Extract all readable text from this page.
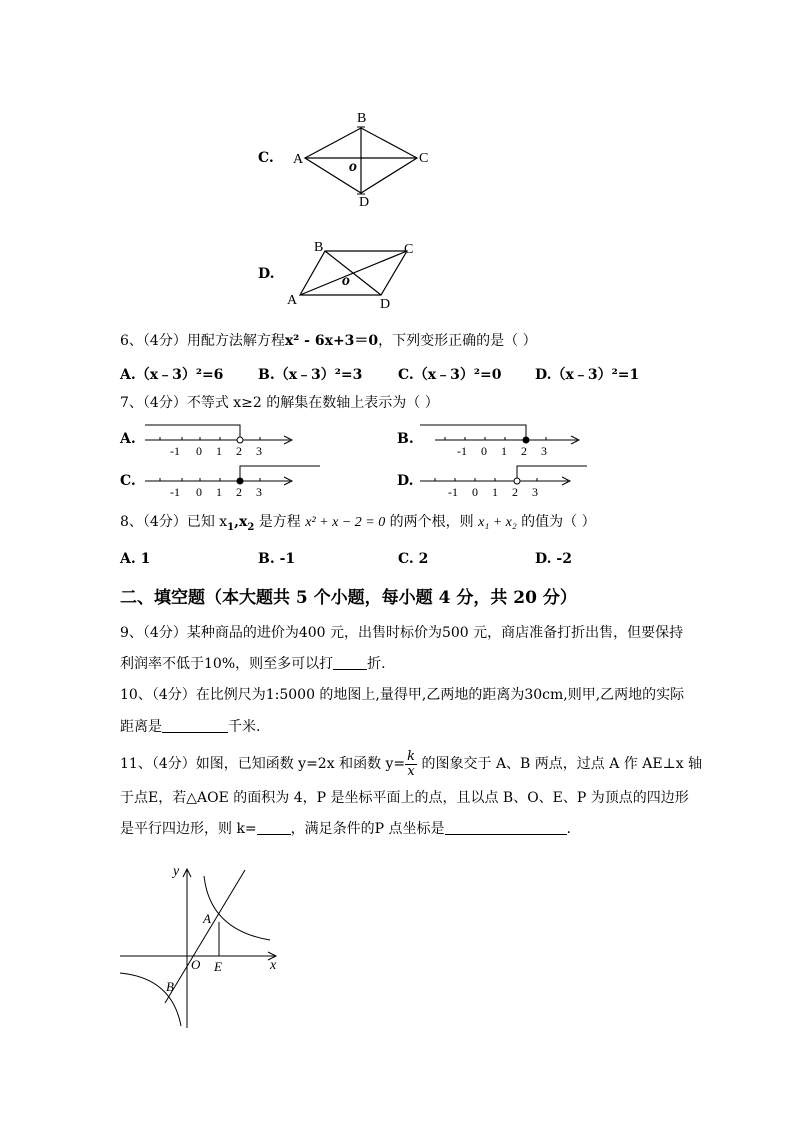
C. A
B
C
D
o
D.
A
B	C
D
o
6、（4分）用配方法解方程x² - 6x+3＝0，下列变形正确的是（ ）
A.（x﹣3）²=6 B.（x﹣3）²=3	C.（x﹣3）²=0 D.（x﹣3）²=1
7、（4分）不等式 x≥2 的解集在数轴上表示为（ ）
A.
-1 0 1 2 3
B.
-1 0 1 2 3
C.
-1 0 1 2 3
D.
-1 0 1 2 3
8、（4分）已知 $x_1,x_2$ 是方程 x² + x − 2 = 0 的两个根，则 x₁ + x₂ 的值为（ ）
A. 1	B. -1	C. 2	D. -2
二、填空题（本大题共 5 个小题，每小题 4 分，共 20 分）
9、（4分）某种商品的进价为400 元，出售时标价为500 元，商店准备打折出售，但要保持
利润率不低于10%，则至多可以打 折.
10、（4分）在比例尺为1:5000 的地图上,量得甲,乙两地的距离为30cm,则甲,乙两地的实际
距离是	千米.
11、（4分）如图，已知函数 y=2x 和函数 $y= \frac{k}{x}$ 的图象交于 A、B 两点，过点 A 作 AE⊥x 轴
于点E，若△AOE 的面积为 4，P 是坐标平面上的点，且以点 B、O、E、P 为顶点的四边形
是平行四边形，则 k= ，满足条件的P 点坐标是	.
y
x
A
O E
B
